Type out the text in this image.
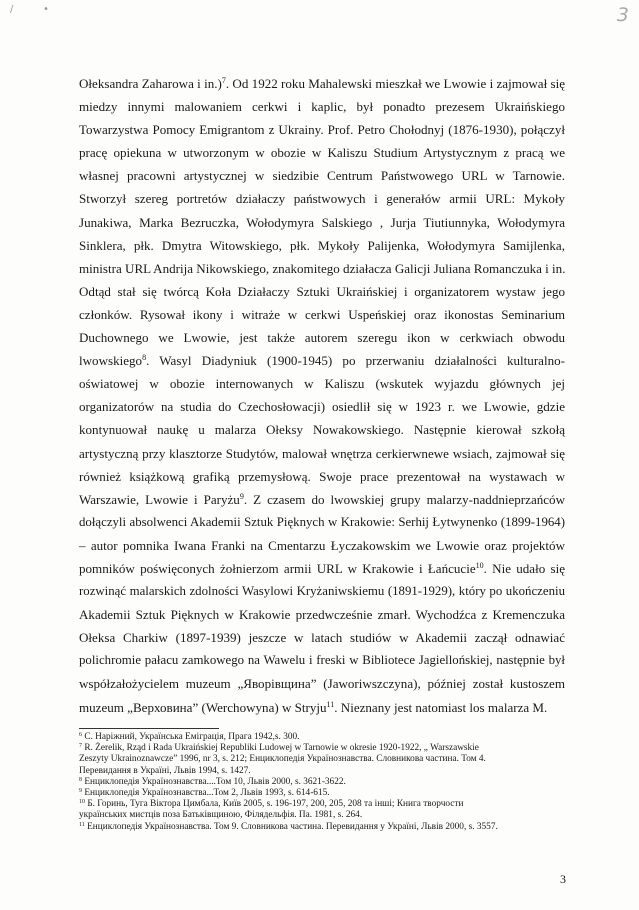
/	•	3
Ołeksandra Zaharowa i in.)$^7$. Od 1922 roku Mahalewski mieszkał we Lwowie i zajmował się
miedzy innymi malowaniem cerkwi i kaplic, był ponadto prezesem Ukraińskiego
Towarzystwa Pomocy Emigrantom z Ukrainy. Prof. Petro Chołodnyj (1876-1930), połączył
pracę opiekuna w utworzonym w obozie w Kaliszu Studium Artystycznym z pracą we
własnej pracowni artystycznej w siedzibie Centrum Państwowego URL w Tarnowie.
Stworzył szereg portretów działaczy państwowych i generałów armii URL: Mykoły
Junakiwa, Marka Bezruczka, Wołodymyra Salskiego , Jurja Tiutiunnyka, Wołodymyra
Sinklera, płk. Dmytra Witowskiego, płk. Mykoły Palijenka, Wołodymyra Samijlenka,
ministra URL Andrija Nikowskiego, znakomitego działacza Galicji Juliana Romanczuka i in.
Odtąd stał się twórcą Koła Działaczy Sztuki Ukraińskiej i organizatorem wystaw jego
członków. Rysował ikony i witraże w cerkwi Uspeńskiej oraz ikonostas Seminarium
Duchownego we Lwowie, jest także autorem szeregu ikon w cerkwiach obwodu
lwowskiego$^8$. Wasyl Diadyniuk (1900-1945) po przerwaniu działalności kulturalno-
oświatowej w obozie internowanych w Kaliszu (wskutek wyjazdu głównych jej
organizatorów na studia do Czechosłowacji) osiedlił się w 1923 r. we Lwowie, gdzie
kontynuował naukę u malarza Ołeksy Nowakowskiego. Następnie kierował szkołą
artystyczną przy klasztorze Studytów, malował wnętrza cerkierwnewe wsiach, zajmował się
również książkową grafiką przemysłową. Swoje prace prezentował na wystawach w
Warszawie, Lwowie i Paryżu$^9$. Z czasem do lwowskiej grupy malarzy-naddnieprzańców
dołączyli absolwenci Akademii Sztuk Pięknych w Krakowie: Serhij Łytwynenko (1899-1964)
– autor pomnika Iwana Franki na Cmentarzu Łyczakowskim we Lwowie oraz projektów
pomników poświęconych żołnierzom armii URL w Krakowie i Łańcucie$^{10}$. Nie udało się
rozwinąć malarskich zdolności Wasylowi Kryżaniwskiemu (1891-1929), który po ukończeniu
Akademii Sztuk Pięknych w Krakowie przedwcześnie zmarł. Wychodźca z Kremenczuka
Ołeksa Charkiw (1897-1939) jeszcze w latach studiów w Akademii zaczął odnawiać
polichromie pałacu zamkowego na Wawelu i freski w Bibliotece Jagiellońskiej, następnie był
współzałożycielem muzeum „Яворівщина” (Jaworiwszczyna), później został kustoszem
muzeum „Верховина” (Werchowyna) w Stryju$^{11}$. Nieznany jest natomiast los malarza M.
$^6$ С. Наріжний, Українська Еміграція, Прага 1942,s. 300.
$^7$ R. Żerelik, Rząd i Rada Ukraińskiej Republiki Ludowej w Tarnowie w okresie 1920-1922, „ Warszawskie
Zeszyty Ukrainoznawcze” 1996, nr 3, s. 212; Енциклопедія Українознавства. Словникова частина. Том 4.
Перевидання в Україні, Львів 1994, s. 1427.
$^8$ Енциклопедія Українознавства....Том 10, Львів 2000, s. 3621-3622.
$^9$ Енциклопедія Українознавства...Том 2, Львів 1993, s. 614-615.
$^{10}$ Б. Горинь, Туга Віктора Цимбала, Київ 2005, s. 196-197, 200, 205, 208 та інші; Книга творчости
українських мистців поза Батьківщиною, Філядельфія. Па. 1981, s. 264.
$^{11}$ Енциклопедія Українознавства. Том 9. Словникова частина. Перевидання у Україні, Львів 2000, s. 3557.
3
